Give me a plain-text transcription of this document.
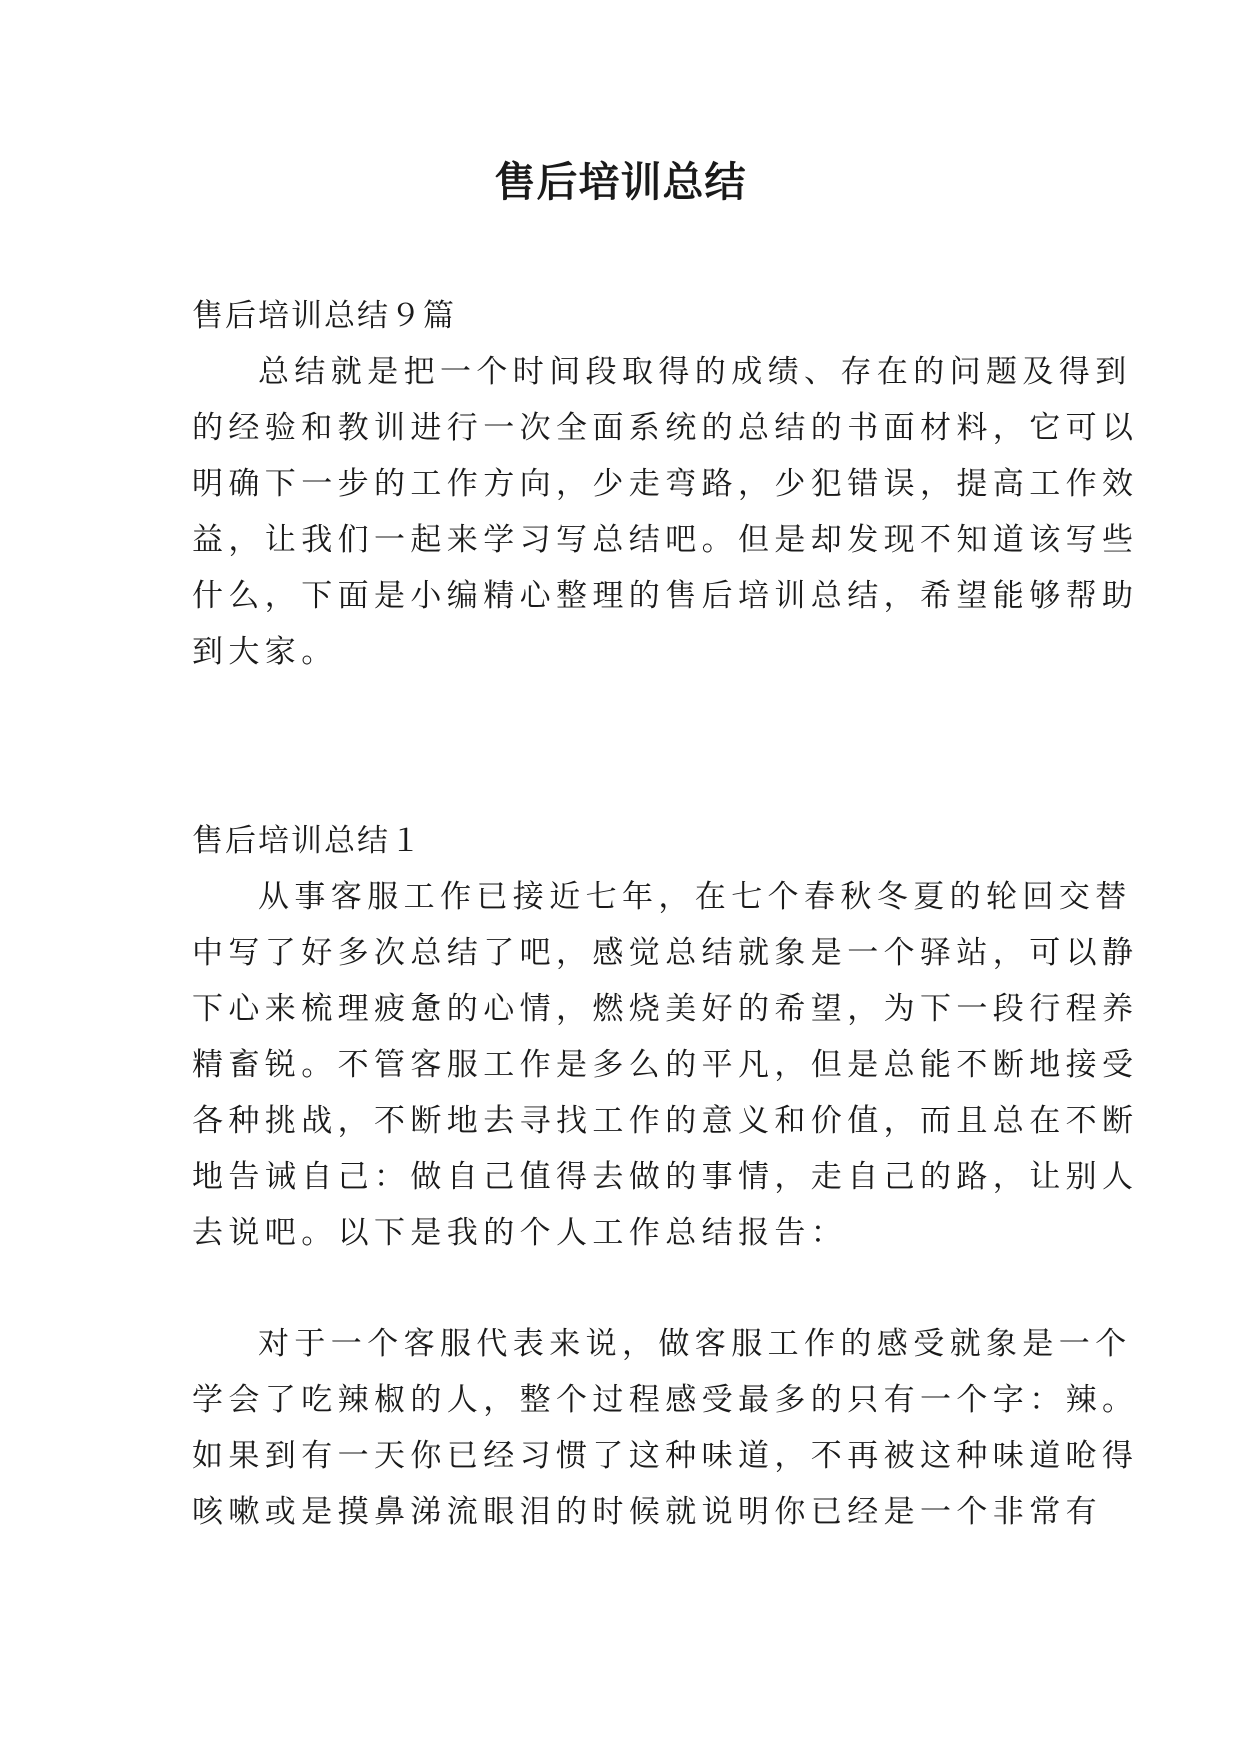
售后培训总结
售后培训总结９篇
总结就是把一个时间段取得的成绩、存在的问题及得到
的经验和教训进行一次全面系统的总结的书面材料，它可以
明确下一步的工作方向，少走弯路，少犯错误，提高工作效
益，让我们一起来学习写总结吧。但是却发现不知道该写些
什么，下面是小编精心整理的售后培训总结，希望能够帮助
到大家。
售后培训总结１
从事客服工作已接近七年，在七个春秋冬夏的轮回交替
中写了好多次总结了吧，感觉总结就象是一个驿站，可以静
下心来梳理疲惫的心情，燃烧美好的希望，为下一段行程养
精畜锐。不管客服工作是多么的平凡，但是总能不断地接受
各种挑战，不断地去寻找工作的意义和价值，而且总在不断
地告诫自己：做自己值得去做的事情，走自己的路，让别人
去说吧。以下是我的个人工作总结报告：
对于一个客服代表来说，做客服工作的感受就象是一个
学会了吃辣椒的人，整个过程感受最多的只有一个字：辣。
如果到有一天你已经习惯了这种味道，不再被这种味道呛得
咳嗽或是摸鼻涕流眼泪的时候就说明你已经是一个非常有
